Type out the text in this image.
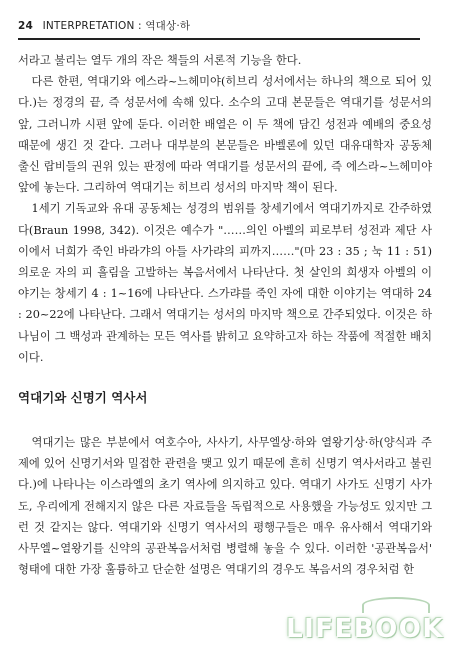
24 INTERPRETATION : 역대상·하

서라고 불리는 열두 개의 작은 책들의 서론적 기능을 한다.

다른 한편, 역대기와 에스라~느헤미야(히브리 성서에서는 하나의 책으로 되어 있다.)는 정경의 끝, 즉 성문서에 속해 있다. 소수의 고대 본문들은 역대기를 성문서의 앞, 그러니까 시편 앞에 둔다. 이러한 배열은 이 두 책에 담긴 성전과 예배의 중요성 때문에 생긴 것 같다. 그러나 대부분의 본문들은 바벨론에 있던 대유대학자 공동체 출신 랍비들의 권위 있는 판정에 따라 역대기를 성문서의 끝에, 즉 에스라~느헤미야 앞에 놓는다. 그리하여 역대기는 히브리 성서의 마지막 책이 된다.

1세기 기독교와 유대 공동체는 성경의 범위를 창세기에서 역대기까지로 간주하였다(Braun 1998, 342). 이것은 예수가 "……의인 아벨의 피로부터 성전과 제단 사이에서 너희가 죽인 바라갸의 아들 사가랴의 피까지……"(마 23 : 35 ; 눅 11 : 51) 의로운 자의 피 흘림을 고발하는 복음서에서 나타난다. 첫 살인의 희생자 아벨의 이야기는 창세기 4 : 1~16에 나타난다. 스가랴를 죽인 자에 대한 이야기는 역대하 24 : 20~22에 나타난다. 그래서 역대기는 성서의 마지막 책으로 간주되었다. 이것은 하나님이 그 백성과 관계하는 모든 역사를 밝히고 요약하고자 하는 작품에 적절한 배치이다.

역대기와 신명기 역사서

역대기는 많은 부분에서 여호수아, 사사기, 사무엘상·하와 열왕기상·하(양식과 주제에 있어 신명기서와 밀접한 관련을 맺고 있기 때문에 흔히 신명기 역사서라고 불린다.)에 나타나는 이스라엘의 초기 역사에 의지하고 있다. 역대기 사가도 신명기 사가도, 우리에게 전해지지 않은 다른 자료들을 독립적으로 사용했을 가능성도 있지만 그런 것 같지는 않다. 역대기와 신명기 역사서의 평행구들은 매우 유사해서 역대기와 사무엘~열왕기를 신약의 공관복음서처럼 병렬해 놓을 수 있다. 이러한 '공관복음서' 형태에 대한 가장 훌륭하고 단순한 설명은 역대기의 경우도 복음서의 경우처럼 한

LIFEBOOK
